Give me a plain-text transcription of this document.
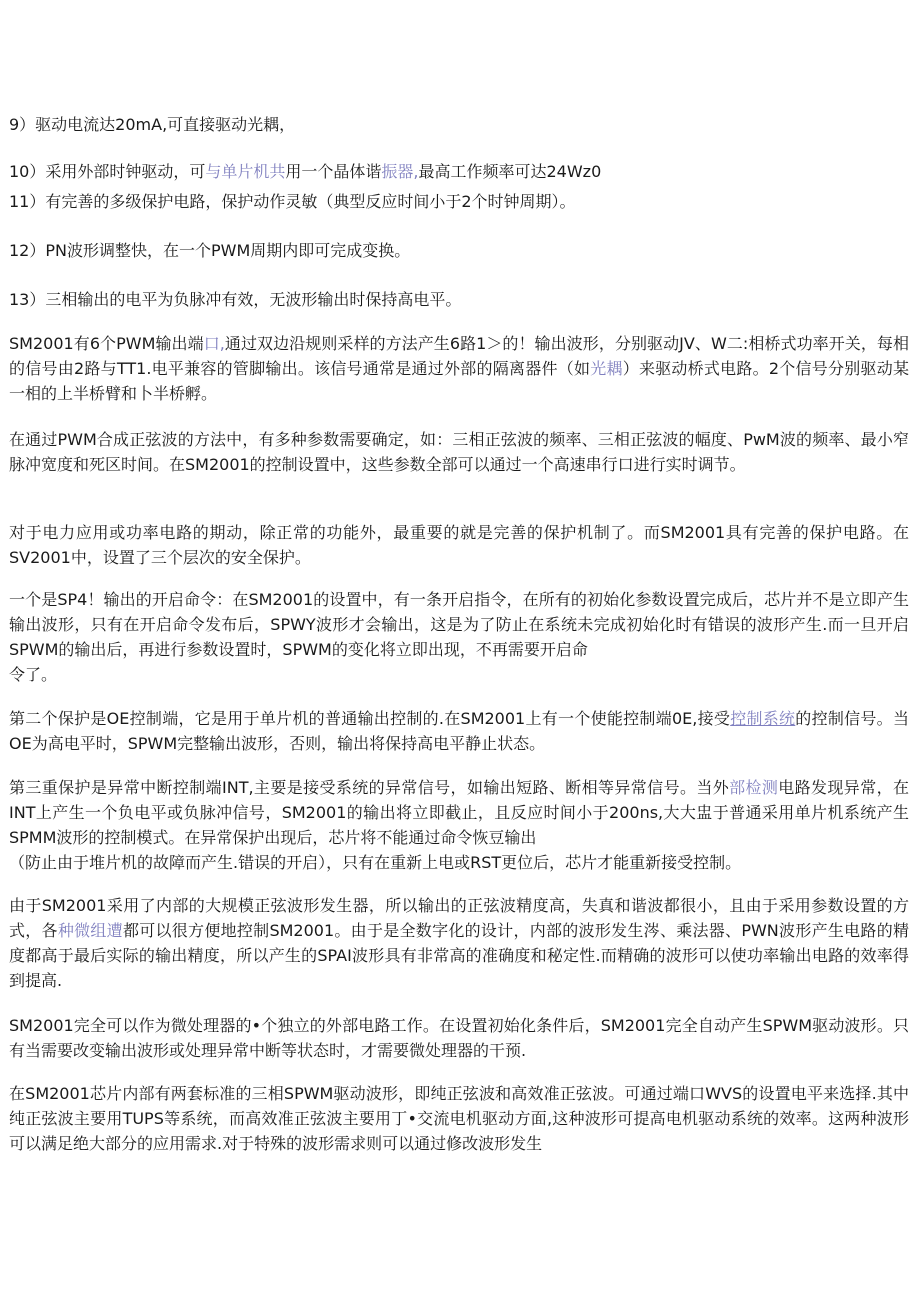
9）驱动电流达20mA,可直接驱动光耦，

10）采用外部时钟驱动，可与单片机共用一个晶体谐振器,最高工作频率可达24Wz0

11）有完善的多级保护电路，保护动作灵敏（典型反应时间小于2个时钟周期）。

12）PN波形调整快，在一个PWM周期内即可完成变换。

13）三相输出的电平为负脉冲有效，无波形输出时保持高电平。

SM2001有6个PWM输出端口,通过双边沿规则采样的方法产生6路1＞的！输出波形，分别驱动JV、W二:相桥式功率开关，每相的信号由2路与TT1.电平兼容的管脚输出。该信号通常是通过外部的隔离器件（如光耦）来驱动桥式电路。2个信号分别驱动某一相的上半桥臂和卜半桥孵。

在通过PWM合成正弦波的方法中，有多种参数需要确定，如：三相正弦波的频率、三相正弦波的幅度、PwM波的频率、最小窄脉冲宽度和死区时间。在SM2001的控制设置中，这些参数全部可以通过一个高速串行口进行实时调节。

对于电力应用或功率电路的期动，除正常的功能外，最重要的就是完善的保护机制了。而SM2001具有完善的保护电路。在SV2001中，设置了三个层次的安全保护。

一个是SP4！输出的开启命令：在SM2001的设置中，有一条开启指令，在所有的初始化参数设置完成后，芯片并不是立即产生输出波形，只有在开启命令发布后，SPWY波形才会输出，这是为了防止在系统未完成初始化时有错误的波形产生.而一旦开启SPWM的输出后，再进行参数设置时，SPWM的变化将立即出现，不再需要开启命
令了。

第二个保护是OE控制端，它是用于单片机的普通输出控制的.在SM2001上有一个使能控制端0E,接受控制系统的控制信号。当OE为高电平时，SPWM完整输出波形，否则，输出将保持高电平静止状态。

第三重保护是异常中断控制端INT,主要是接受系统的异常信号，如输出短路、断相等异常信号。当外部检测电路发现异常，在INT上产生一个负电平或负脉冲信号，SM2001的输出将立即截止，且反应时间小于200ns,大大盅于普通采用单片机系统产生SPMM波形的控制模式。在异常保护出现后，芯片将不能通过命令恢豆输出
（防止由于堆片机的故障而产生.错误的开启），只有在重新上电或RST更位后，芯片才能重新接受控制。

由于SM2001采用了内部的大规模正弦波形发生器，所以输出的正弦波精度高，失真和谐波都很小，且由于采用参数设置的方式，各种微组遭都可以很方便地控制SM2001。由于是全数字化的设计，内部的波形发生涔、乘法器、PWN波形产生电路的精度都高于最后实际的输出精度，所以产生的SPAI波形具有非常高的准确度和秘定性.而精确的波形可以使功率输出电路的效率得到提高.

SM2001完全可以作为微处理器的•个独立的外部电路工作。在设置初始化条件后，SM2001完全自动产生SPWM驱动波形。只有当需要改变输出波形或处理异常中断等状态时，才需要微处理器的干预.

在SM2001芯片内部有两套标准的三相SPWM驱动波形，即纯正弦波和高效准正弦波。可通过端口WVS的设置电平来选择.其中纯正弦波主要用TUPS等系统，而高效准正弦波主要用丁•交流电机驱动方面,这种波形可提高电机驱动系统的效率。这两种波形可以满足绝大部分的应用需求.对于特殊的波形需求则可以通过修改波形发生
